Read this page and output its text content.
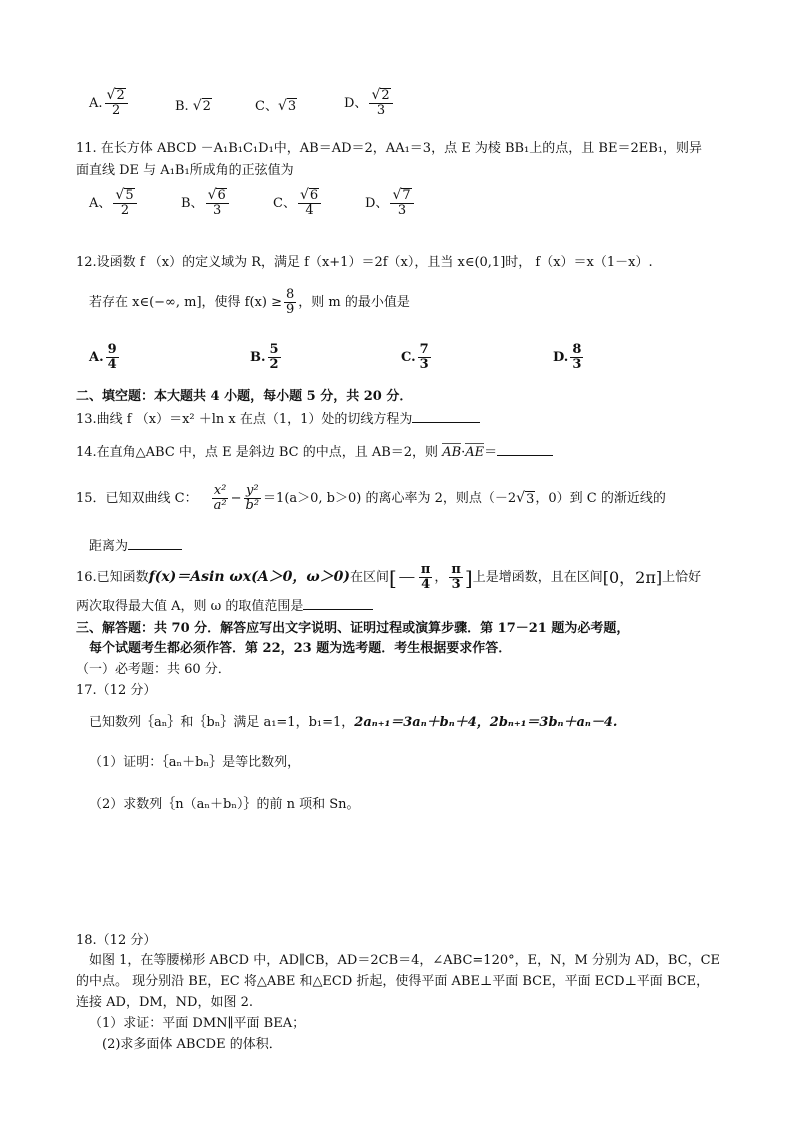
A. $\frac{√ 2}{2}$	B. √ 2	C、 √ 3	D、 $\frac{√ 2}{3}$
11. 在长方体 ABCD －A₁B₁C₁D₁中，AB＝AD＝2，AA₁＝3，点 E 为棱 BB₁上的点，且 BE＝2EB₁，则异
面直线 DE 与 A₁B₁所成角的正弦值为
A、 $\frac{√ 5}{2}$	B、 $\frac{√ 6}{3}$	C、 $\frac{√ 6}{4}$	D、 $\frac{√ 7}{3}$
12.设函数 f （x）的定义域为 R，满足 f（x+1）＝2f（x），且当 x∈(0,1]时， f（x）＝x（1－x）.
若存在 x∈(−∞, m]，使得 $f(x) \ge \frac{8}{9}$ ，则 m 的最小值是
A. $\frac{9}{4}$	B. $\frac{5}{2}$	C. $\frac{7}{3}$	D. $\frac{8}{3}$
二、填空题：本大题共 4 小题，每小题 5 分，共 20 分．
13.曲线 f （x）＝x² ＋ln x 在点（1，1）处的切线方程为
14.在直角△ABC 中，点 E 是斜边 BC 的中点，且 AB＝2，则 AB·AE＝
15．已知双曲线 C： $\frac{\text{x²}}{\text{a²}} - \frac{\text{y²}}{\text{b²}} =1(a>0$, b＞0) 的离心率为 2，则点（－2 √ 3 ，0）到 C 的渐近线的
距离为
16.已知函数 f(x)＝Asin ωx(A＞0，ω＞0) 在区间 [－ $\frac{\pi}{4}$ ， $\frac{\pi}{3}$ ] 上是增函数，且在区间 [0，2π] 上恰好
两次取得最大值 A，则 ω 的取值范围是
三、解答题：共 70 分．解答应写出文字说明、证明过程或演算步骤．第 17－21 题为必考题，
每个试题考生都必须作答．第 22，23 题为选考题．考生根据要求作答．
（一）必考题：共 60 分．
17.（12 分）
已知数列｛aₙ｝和｛bₙ｝满足 a₁=1，b₁=1，2aₙ₊₁＝3aₙ＋bₙ＋4，2bₙ₊₁＝3bₙ＋aₙ－4.
（1）证明：｛aₙ＋bₙ｝是等比数列，
（2）求数列｛n（aₙ＋bₙ）｝的前 n 项和 Sn。
18.（12 分）
如图 1，在等腰梯形 ABCD 中，AD∥CB，AD＝2CB＝4，∠ABC=120°，E，N，M 分别为 AD，BC，CE
的中点。 现分别沿 BE，EC 将△ABE 和△ECD 折起，使得平面 ABE⊥平面 BCE，平面 ECD⊥平面 BCE，
连接 AD，DM，ND，如图 2.
（1）求证：平面 DMN∥平面 BEA；
(2)求多面体 ABCDE 的体积．
